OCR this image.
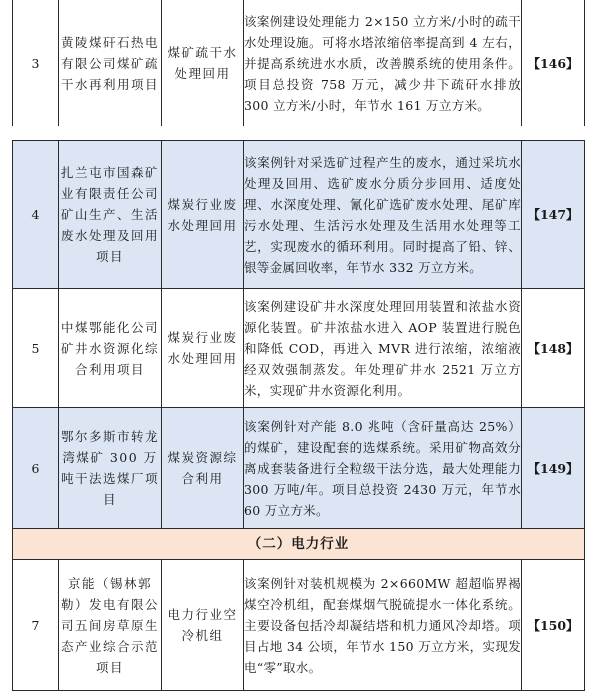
3	黄陵煤矸石热电有限公司煤矿疏干水再利用项目	煤矿疏干水处理回用	该案例建设处理能力 2×150 立方米/小时的疏干水处理设施。可将水塔浓缩倍率提高到 4 左右，并提高系统进水水质，改善膜系统的使用条件。项目总投资 758 万元，减少井下疏矸水排放 300 立方米/小时，年节水 161 万立方米。	【146】
4	扎兰屯市国森矿业有限责任公司矿山生产、生活废水处理及回用项目	煤炭行业废水处理回用	该案例针对采选矿过程产生的废水，通过采坑水处理及回用、选矿废水分质分步回用、适度处理、水深度处理、氰化矿选矿废水处理、尾矿库污水处理、生活污水处理及生活用水处理等工艺，实现废水的循环利用。同时提高了铅、锌、银等金属回收率，年节水 332 万立方米。	【147】
5	中煤鄂能化公司矿井水资源化综合利用项目	煤炭行业废水处理回用	该案例建设矿井水深度处理回用装置和浓盐水资源化装置。矿井浓盐水进入 AOP 装置进行脱色和降低 COD，再进入 MVR 进行浓缩，浓缩液经双效强制蒸发。年处理矿井水 2521 万立方米，实现矿井水资源化利用。	【148】
6	鄂尔多斯市转龙湾煤矿 300 万吨干法选煤厂项目	煤炭资源综合利用	该案例针对产能 8.0 兆吨（含矸量高达 25%）的煤矿，建设配套的选煤系统。采用矿物高效分离成套装备进行全粒级干法分选，最大处理能力 300 万吨/年。项目总投资 2430 万元，年节水 60 万立方米。	【149】
（二）电力行业				
7	京能（锡林郭勒）发电有限公司五间房草原生态产业综合示范项目	电力行业空冷机组	该案例针对装机规模为 2×660MW 超超临界褐煤空冷机组，配套煤烟气脱硫提水一体化系统。主要设备包括冷却凝结塔和机力通风冷却塔。项目占地 34 公顷，年节水 150 万立方米，实现发电“零”取水。	【150】
